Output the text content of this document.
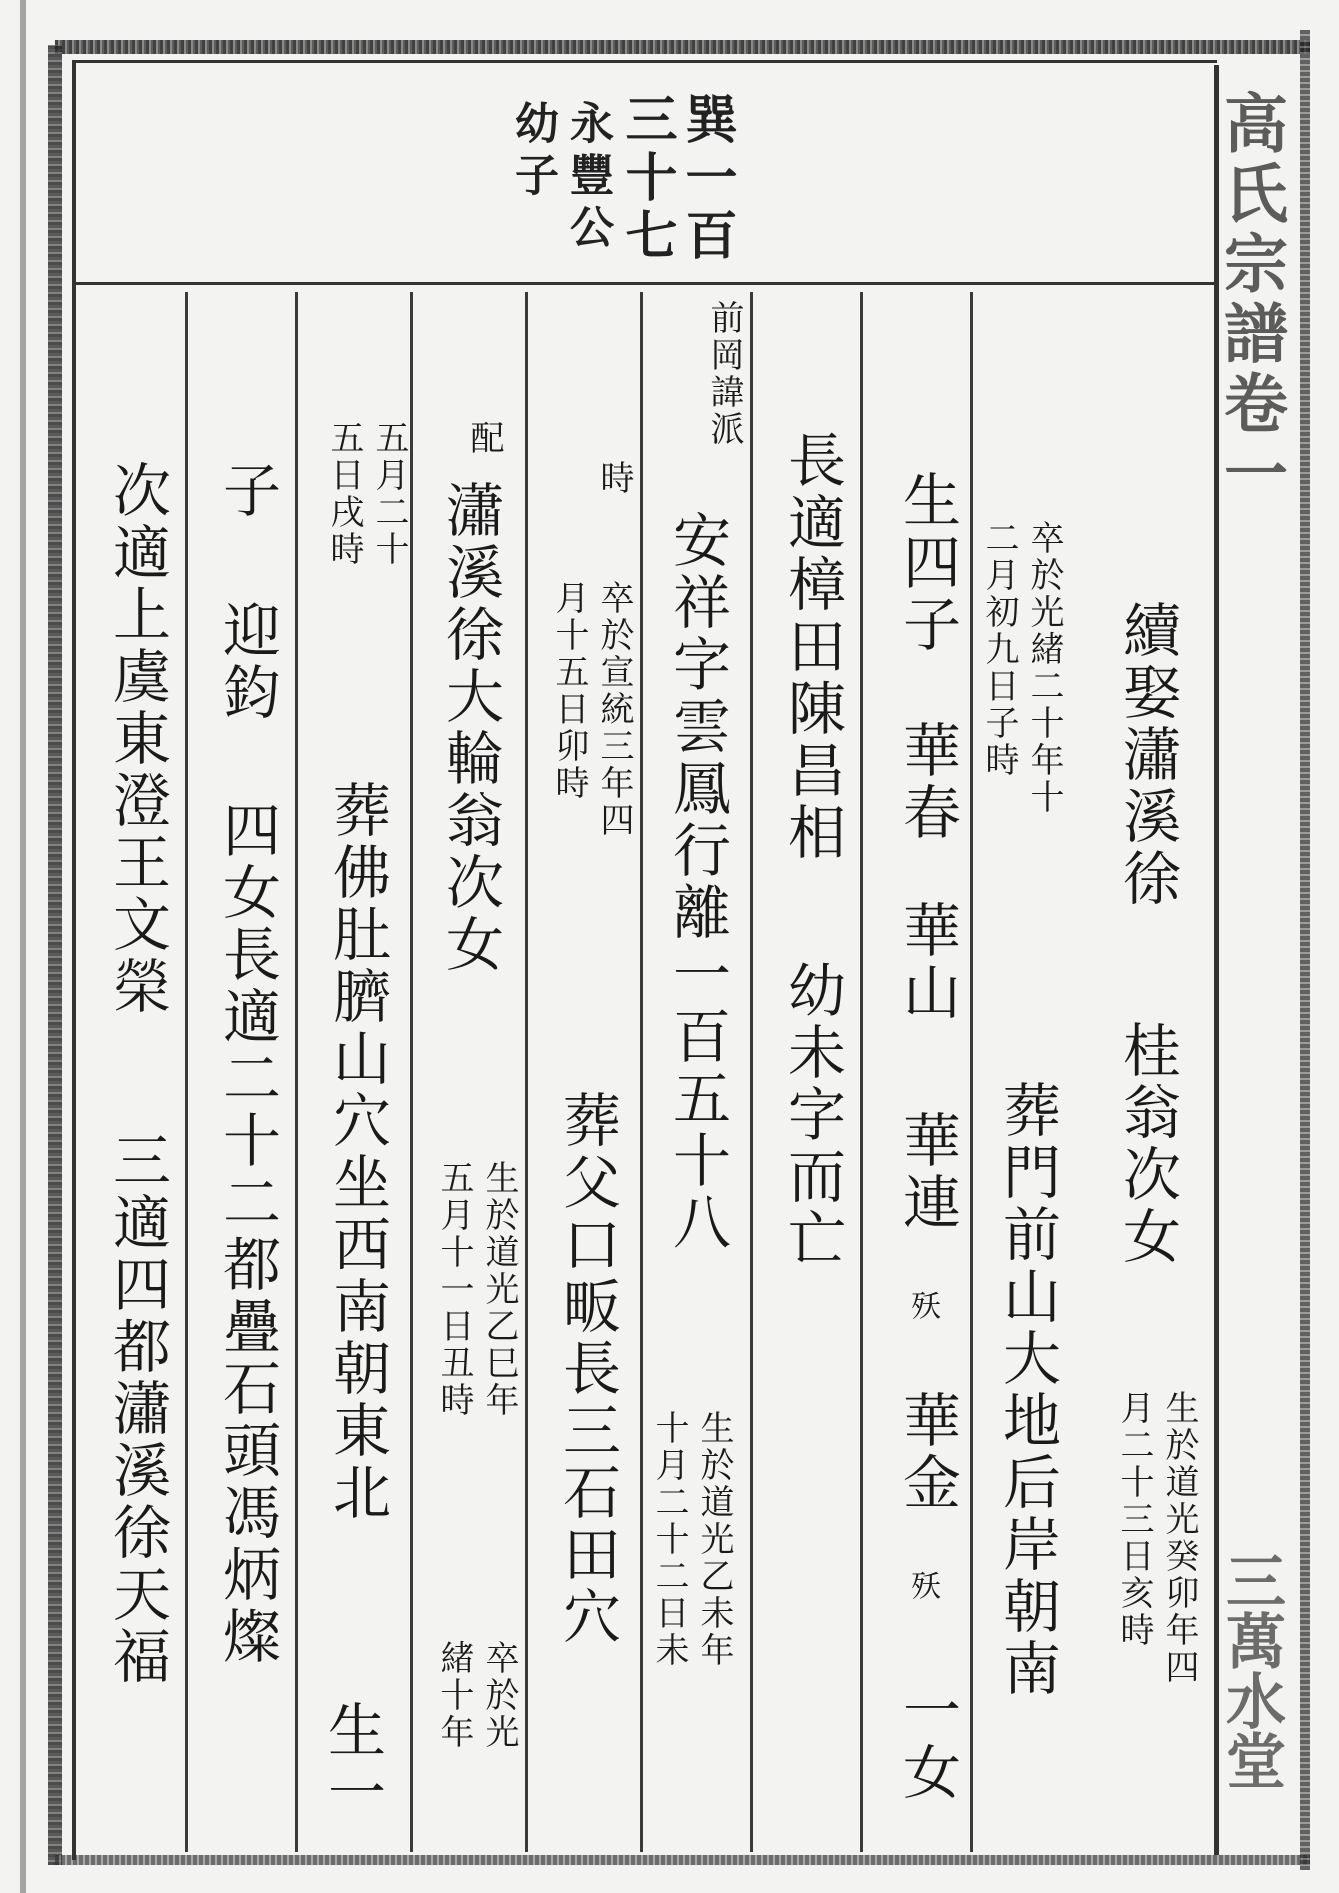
高氏宗譜卷一
三萬水堂
巽一百
三十七
永豐公
幼子
續娶瀟溪徐
桂翁次女
生於道光癸卯年四
月二十三日亥時
卒於光緒二十年十
二月初九日子時
葬門前山大地后岸朝南
生四子
華春
華山
華連
殀
華金
殀
一女
長適樟田陳昌相
幼未字而亡
前岡諱派
安祥字雲鳳行離一百五十八
生於道光乙未年
十月二十二日未
時
卒於宣統三年四
月十五日卯時
葬父口畈長三石田穴
配
瀟溪徐大輪翁次女
生於道光乙巳年
五月十一日丑時
卒於光
緒十年
五月二十
五日戌時
葬佛肚臍山穴坐西南朝東北
子
迎鈞
四女長適二十二都疊石頭馮炳燦
生一
次適上虞東澄王文榮
三適四都瀟溪徐天福
